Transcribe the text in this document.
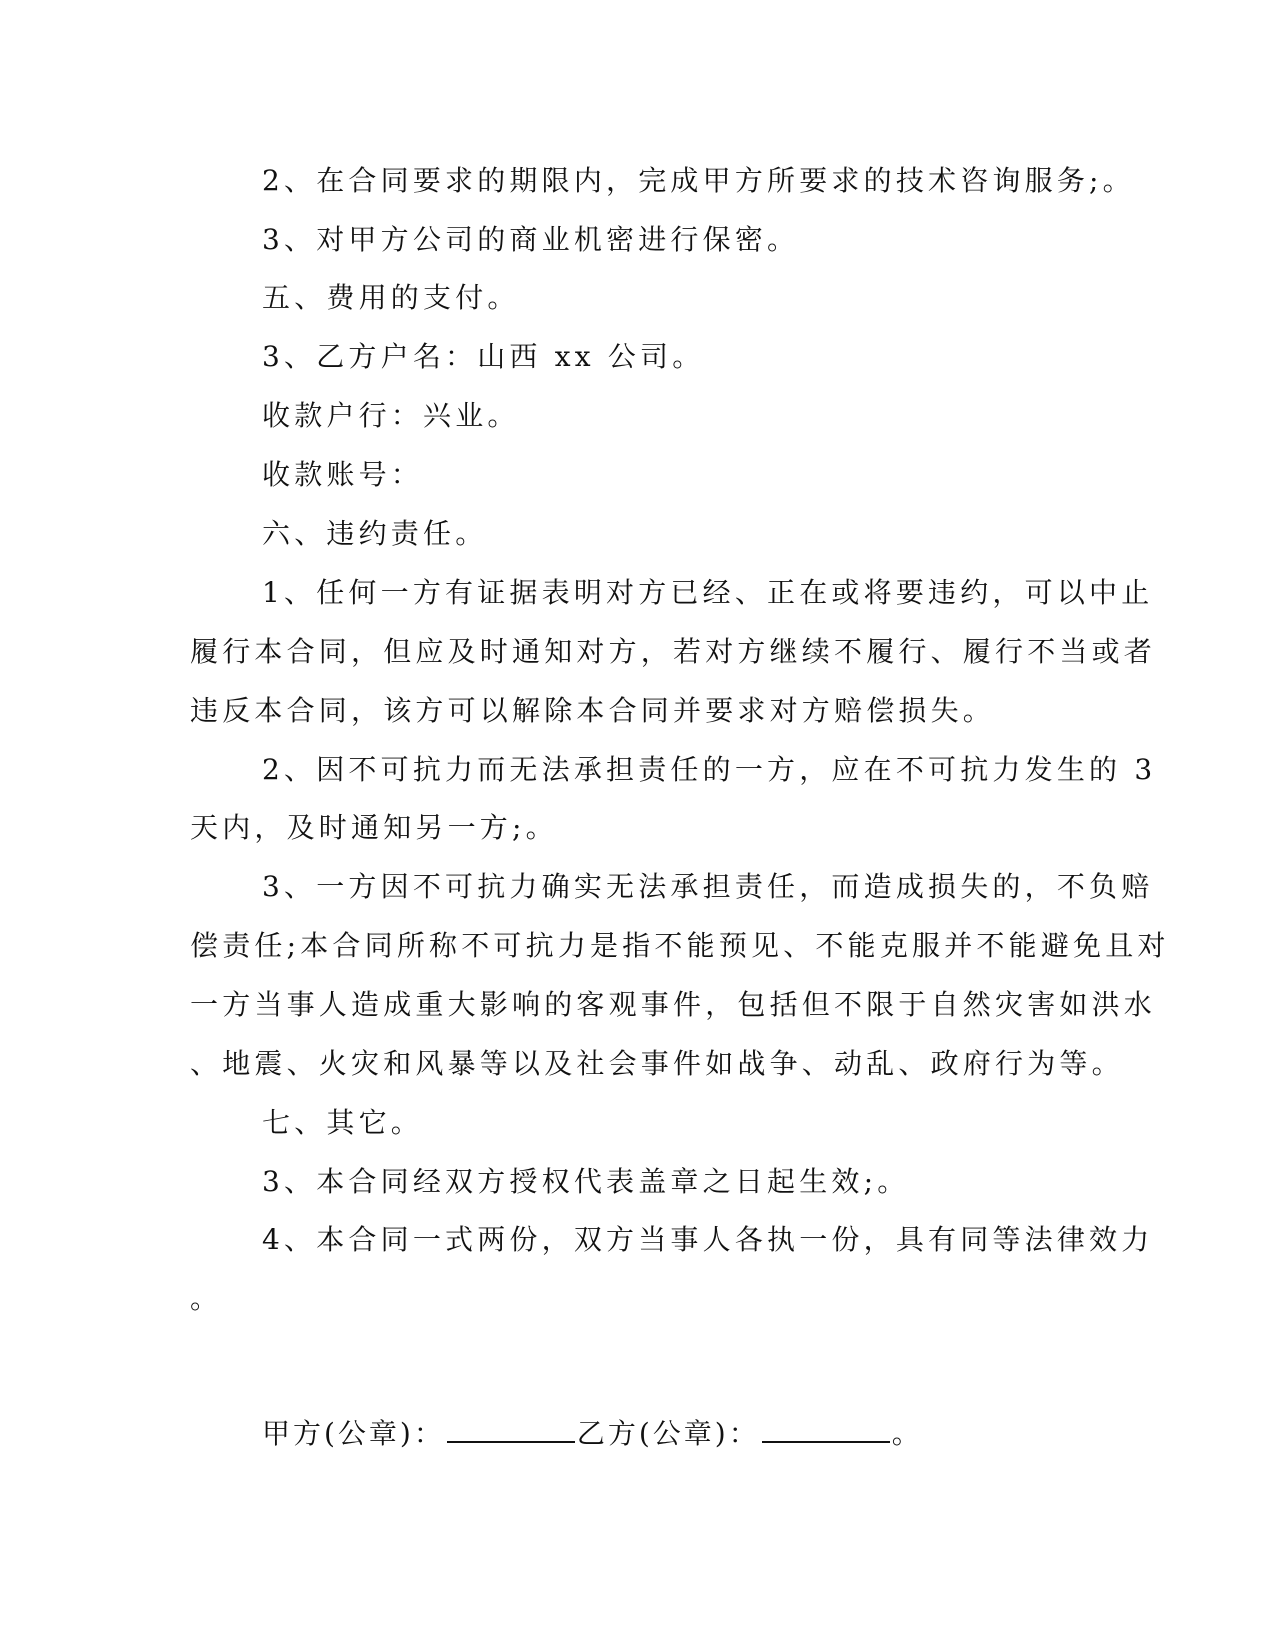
2、在合同要求的期限内，完成甲方所要求的技术咨询服务;。

3、对甲方公司的商业机密进行保密。

五、费用的支付。

3、乙方户名：山西 xx 公司。

收款户行：兴业。

收款账号：

六、违约责任。

1、任何一方有证据表明对方已经、正在或将要违约，可以中止

履行本合同，但应及时通知对方，若对方继续不履行、履行不当或者

违反本合同，该方可以解除本合同并要求对方赔偿损失。

2、因不可抗力而无法承担责任的一方，应在不可抗力发生的 3

天内，及时通知另一方;。

3、一方因不可抗力确实无法承担责任，而造成损失的，不负赔

偿责任;本合同所称不可抗力是指不能预见、不能克服并不能避免且对

一方当事人造成重大影响的客观事件，包括但不限于自然灾害如洪水

、地震、火灾和风暴等以及社会事件如战争、动乱、政府行为等。

七、其它。

3、本合同经双方授权代表盖章之日起生效;。

4、本合同一式两份，双方当事人各执一份，具有同等法律效力

。

甲方(公章)：	乙方(公章)：	。
